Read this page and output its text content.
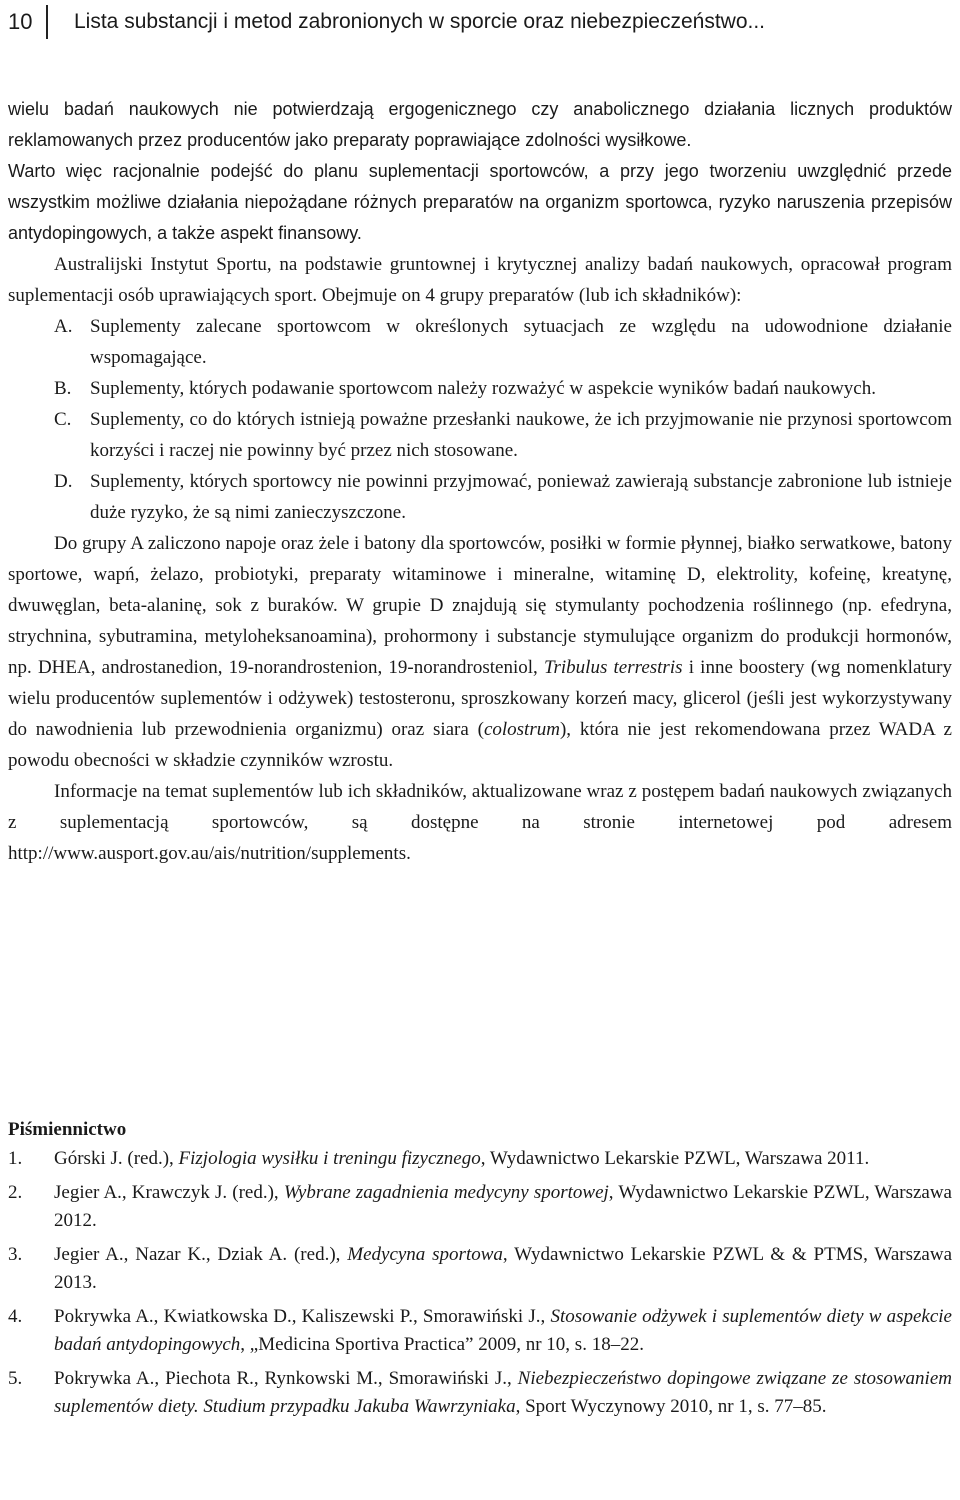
10	Lista substancji i metod zabronionych w sporcie oraz niebezpieczeństwo...

wielu badań naukowych nie potwierdzają ergogenicznego czy anabolicznego działania licznych produktów reklamowanych przez producentów jako preparaty poprawiające zdolności wysiłkowe.

Warto więc racjonalnie podejść do planu suplementacji sportowców, a przy jego tworzeniu uwzględnić przede wszystkim możliwe działania niepożądane różnych preparatów na organizm sportowca, ryzyko naruszenia przepisów antydopingowych, a także aspekt finansowy.

Australijski Instytut Sportu, na podstawie gruntownej i krytycznej analizy badań naukowych, opracował program suplementacji osób uprawiających sport. Obejmuje on 4 grupy preparatów (lub ich składników):

A. Suplementy zalecane sportowcom w określonych sytuacjach ze względu na udowodnione działanie wspomagające.

B. Suplementy, których podawanie sportowcom należy rozważyć w aspekcie wyników badań naukowych.

C. Suplementy, co do których istnieją poważne przesłanki naukowe, że ich przyjmowanie nie przynosi sportowcom korzyści i raczej nie powinny być przez nich stosowane.

D. Suplementy, których sportowcy nie powinni przyjmować, ponieważ zawierają substancje zabronione lub istnieje duże ryzyko, że są nimi zanieczyszczone.

Do grupy A zaliczono napoje oraz żele i batony dla sportowców, posiłki w formie płynnej, białko serwatkowe, batony sportowe, wapń, żelazo, probiotyki, preparaty witaminowe i mineralne, witaminę D, elektrolity, kofeinę, kreatynę, dwuwęglan, beta-alaninę, sok z buraków. W grupie D znajdują się stymulanty pochodzenia roślinnego (np. efedryna, strychnina, sybutramina, metyloheksanoamina), prohormony i substancje stymulujące organizm do produkcji hormonów, np. DHEA, androstanedion, 19-norandrostenion, 19-norandrosteniol, Tribulus terrestris i inne boostery (wg nomenklatury wielu producentów suplementów i odżywek) testosteronu, sproszkowany korzeń macy, glicerol (jeśli jest wykorzystywany do nawodnienia lub przewodnienia organizmu) oraz siara (colostrum), która nie jest rekomendowana przez WADA z powodu obecności w składzie czynników wzrostu.

Informacje na temat suplementów lub ich składników, aktualizowane wraz z postępem badań naukowych związanych z suplementacją sportowców, są dostępne na stronie internetowej pod adresem http://www.ausport.gov.au/ais/nutrition/supplements.

Piśmiennictwo

1. Górski J. (red.), Fizjologia wysiłku i treningu fizycznego, Wydawnictwo Lekarskie PZWL, Warszawa 2011.

2. Jegier A., Krawczyk J. (red.), Wybrane zagadnienia medycyny sportowej, Wydawnictwo Lekarskie PZWL, Warszawa 2012.

3. Jegier A., Nazar K., Dziak A. (red.), Medycyna sportowa, Wydawnictwo Lekarskie PZWL & & PTMS, Warszawa 2013.

4. Pokrywka A., Kwiatkowska D., Kaliszewski P., Smorawiński J., Stosowanie odżywek i suplementów diety w aspekcie badań antydopingowych, „Medicina Sportiva Practica” 2009, nr 10, s. 18–22.

5. Pokrywka A., Piechota R., Rynkowski M., Smorawiński J., Niebezpieczeństwo dopingowe związane ze stosowaniem suplementów diety. Studium przypadku Jakuba Wawrzyniaka, Sport Wyczynowy 2010, nr 1, s. 77–85.
